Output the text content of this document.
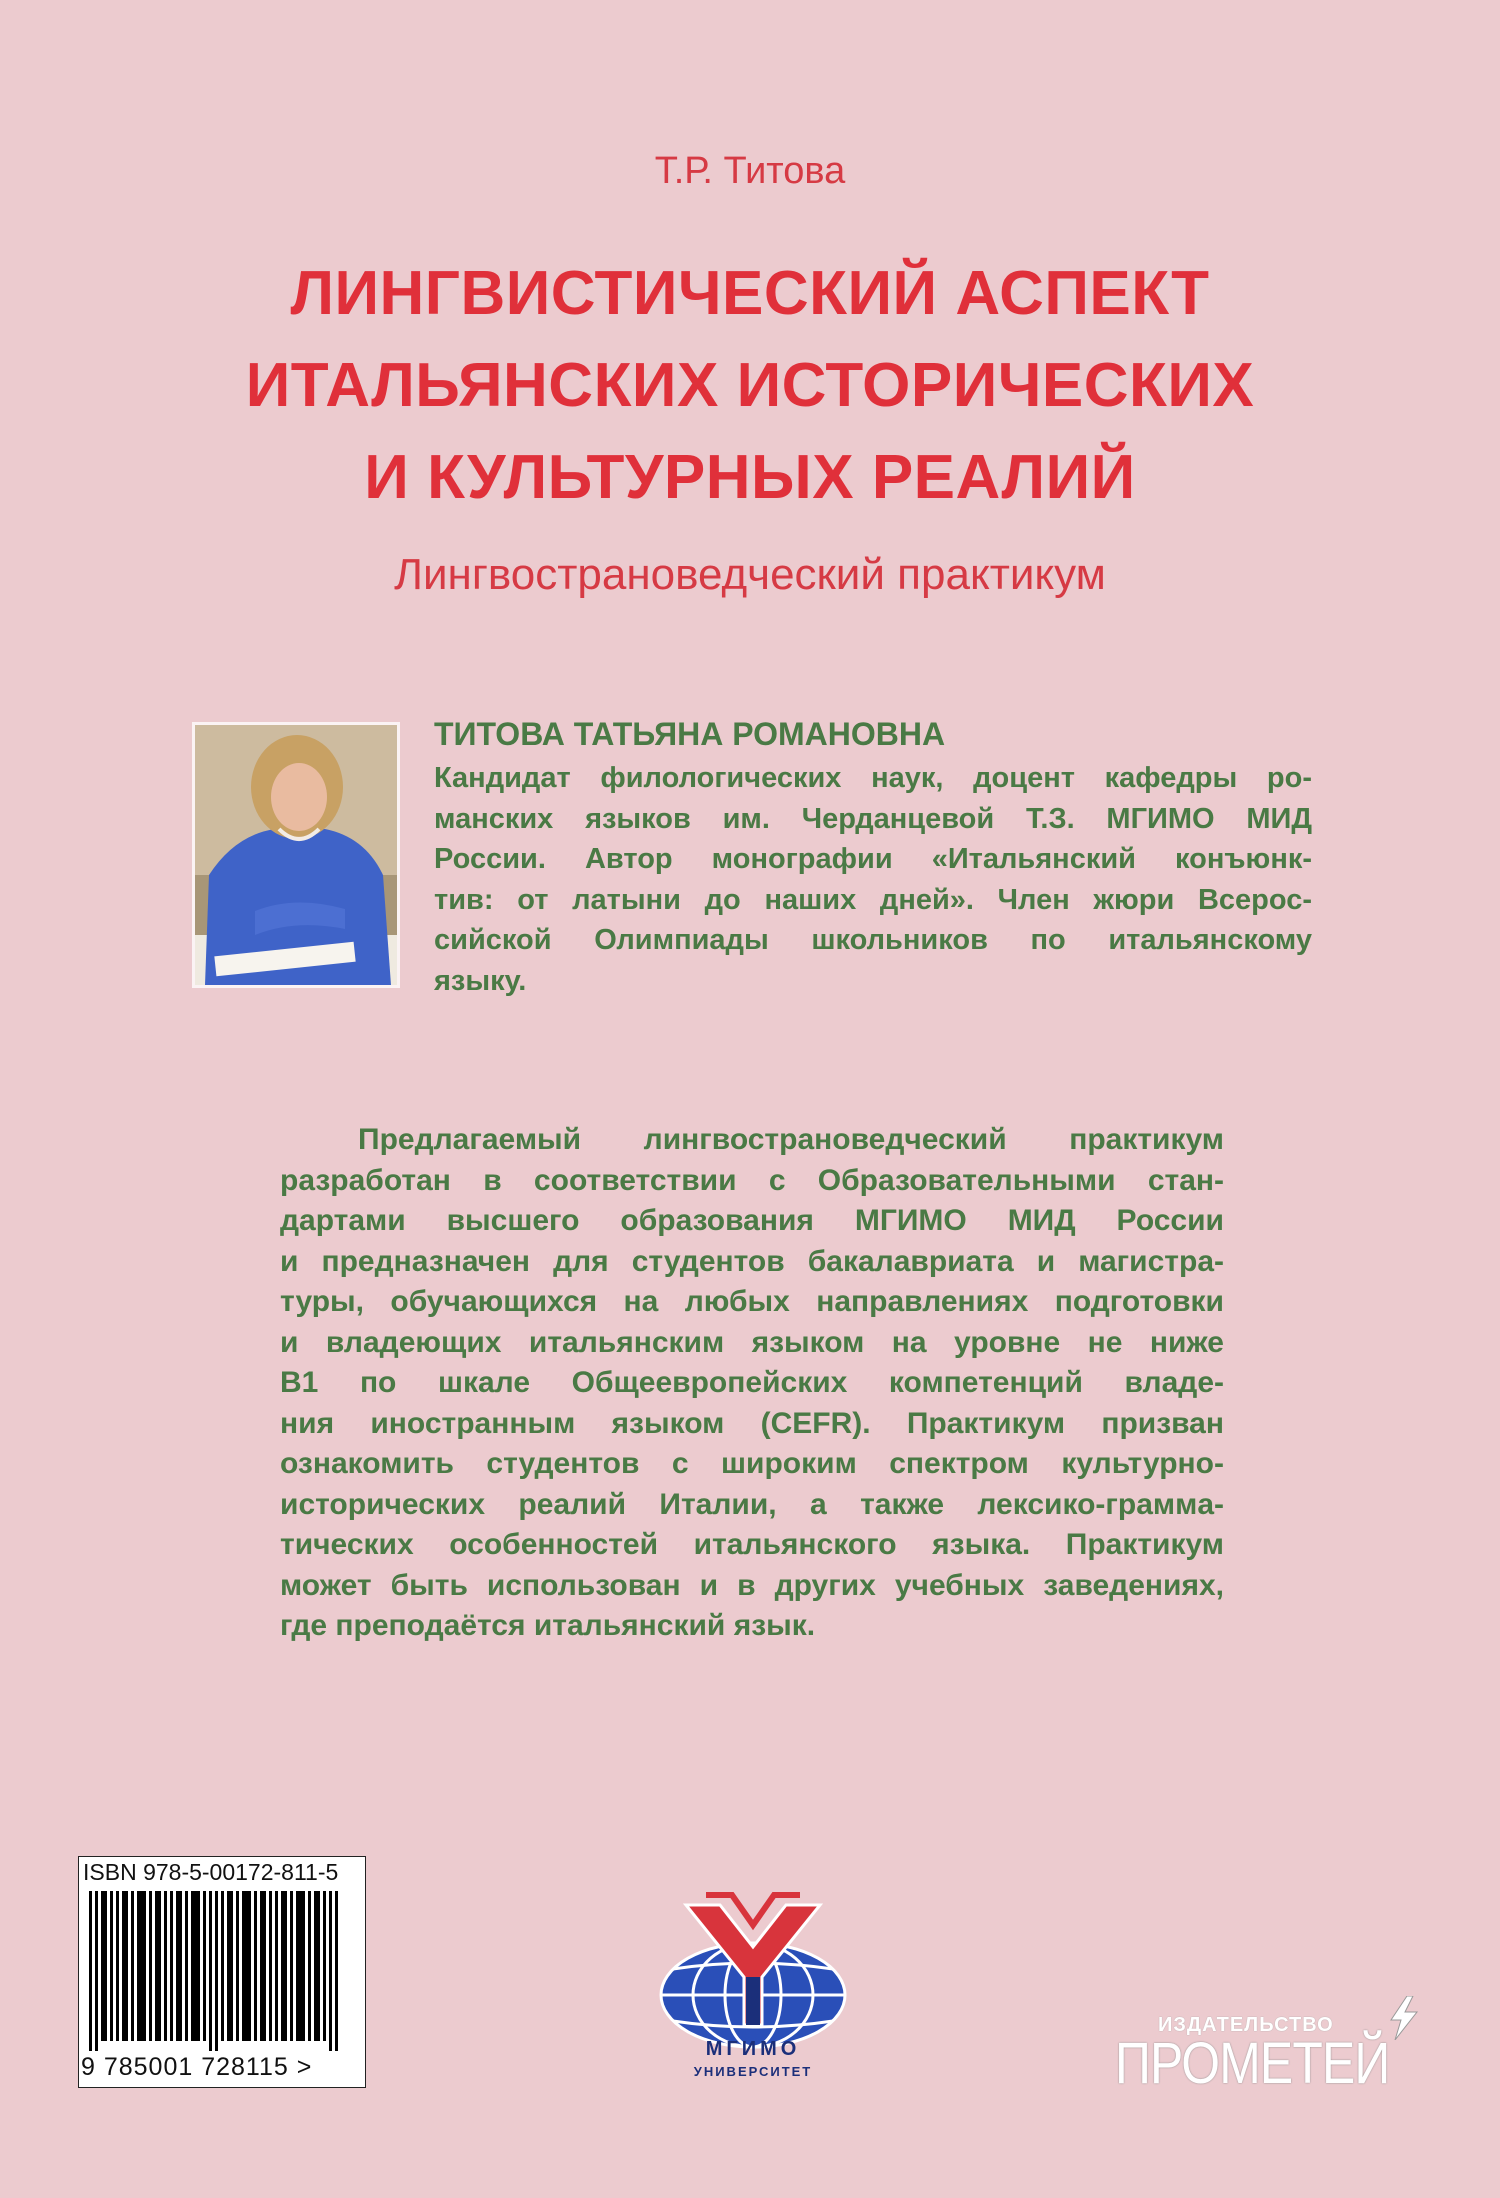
Т.Р. Титова
ЛИНГВИСТИЧЕСКИЙ АСПЕКТ
ИТАЛЬЯНСКИХ ИСТОРИЧЕСКИХ
И КУЛЬТУРНЫХ РЕАЛИЙ
Лингвострановедческий практикум
ТИТОВА ТАТЬЯНА РОМАНОВНА
Кандидат филологических наук, доцент кафедры ро-
манских языков им. Черданцевой Т.З. МГИМО МИД
России. Автор монографии «Итальянский конъюнк-
тив: от латыни до наших дней». Член жюри Всерос-
сийской Олимпиады школьников по итальянскому
языку.
Предлагаемый лингвострановедческий практикум
разработан в соответствии с Образовательными стан-
дартами высшего образования МГИМО МИД России
и предназначен для студентов бакалавриата и магистра-
туры, обучающихся на любых направлениях подготовки
и владеющих итальянским языком на уровне не ниже
В1 по шкале Общеевропейских компетенций владе-
ния иностранным языком (CEFR). Практикум призван
ознакомить студентов с широким спектром культурно-
исторических реалий Италии, а также лексико-граммa-
тических особенностей итальянского языка. Практикум
может быть использован и в других учебных заведениях,
где преподаётся итальянский язык.
ISBN 978-5-00172-811-5
9 785001 728115 >
МГИМО
УНИВЕРСИТЕТ
ИЗДАТЕЛЬСТВО
ПРОМЕТЕЙ
